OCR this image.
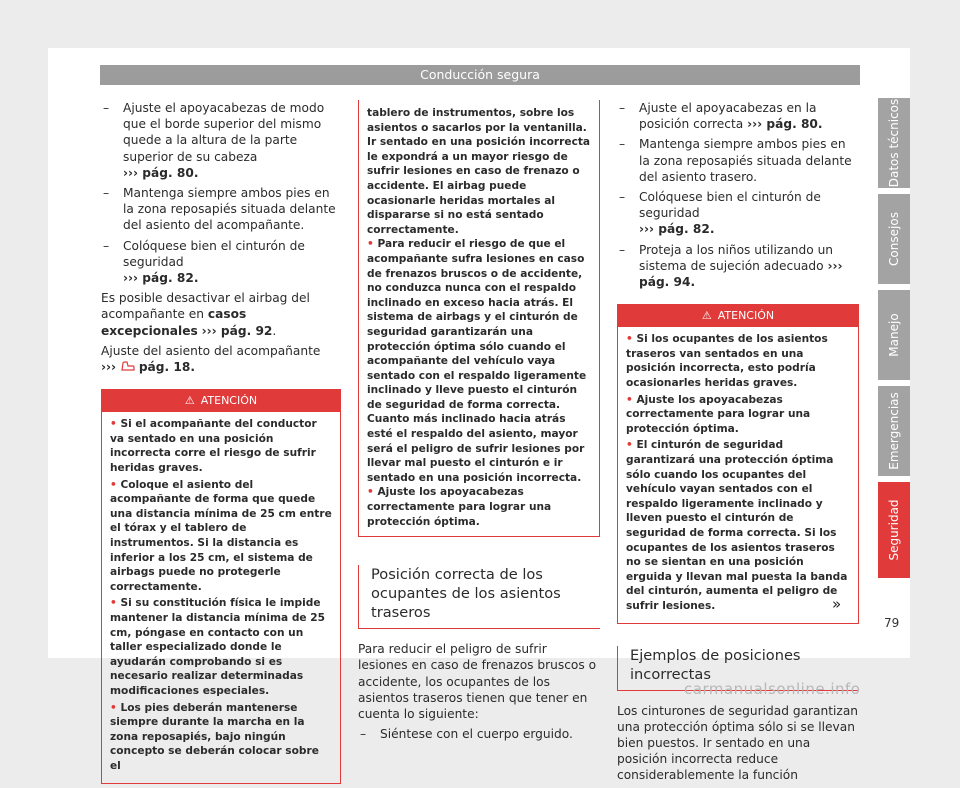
Conducción segura
– Ajuste el apoyacabezas de modo que el borde superior del mismo quede a la altura de la parte superior de su cabeza
››› pág. 80.
– Mantenga siempre ambos pies en la zona reposapiés situada delante del asiento del acompañante.
– Colóquese bien el cinturón de seguridad
››› pág. 82.

Es posible desactivar el airbag del acompañante en casos excepcionales ››› pág. 92.

Ajuste del asiento del acompañante
››› pág. 18.

⚠ ATENCIÓN
• Si el acompañante del conductor va sentado en una posición incorrecta corre el riesgo de sufrir heridas graves.
• Coloque el asiento del acompañante de forma que quede una distancia mínima de 25 cm entre el tórax y el tablero de instrumentos. Si la distancia es inferior a los 25 cm, el sistema de airbags puede no protegerle correctamente.
• Si su constitución física le impide mantener la distancia mínima de 25 cm, póngase en contacto con un taller especializado donde le ayudarán comprobando si es necesario realizar determinadas modificaciones especiales.
• Los pies deberán mantenerse siempre durante la marcha en la zona reposapiés, bajo ningún concepto se deberán colocar sobre el
tablero de instrumentos, sobre los asientos o sacarlos por la ventanilla. Ir sentado en una posición incorrecta le expondrá a un mayor riesgo de sufrir lesiones en caso de frenazo o accidente. El airbag puede ocasionarle heridas mortales al dispararse si no está sentado correctamente.
• Para reducir el riesgo de que el acompañante sufra lesiones en caso de frenazos bruscos o de accidente, no conduzca nunca con el respaldo inclinado en exceso hacia atrás. El sistema de airbags y el cinturón de seguridad garantizarán una protección óptima sólo cuando el acompañante del vehículo vaya sentado con el respaldo ligeramente inclinado y lleve puesto el cinturón de seguridad de forma correcta. Cuanto más inclinado hacia atrás esté el respaldo del asiento, mayor será el peligro de sufrir lesiones por llevar mal puesto el cinturón e ir sentado en una posición incorrecta.
• Ajuste los apoyacabezas correctamente para lograr una protección óptima.
Posición correcta de los ocupantes de los asientos traseros

Para reducir el peligro de sufrir lesiones en caso de frenazos bruscos o accidente, los ocupantes de los asientos traseros tienen que tener en cuenta lo siguiente:

– Siéntese con el cuerpo erguido.
– Ajuste el apoyacabezas en la posición correcta ››› pág. 80.
– Mantenga siempre ambos pies en la zona reposapiés situada delante del asiento trasero.
– Colóquese bien el cinturón de seguridad
››› pág. 82.
– Proteja a los niños utilizando un sistema de sujeción adecuado ››› pág. 94.
⚠ ATENCIÓN
• Si los ocupantes de los asientos traseros van sentados en una posición incorrecta, esto podría ocasionarles heridas graves.
• Ajuste los apoyacabezas correctamente para lograr una protección óptima.
• El cinturón de seguridad garantizará una protección óptima sólo cuando los ocupantes del vehículo vayan sentados con el respaldo ligeramente inclinado y lleven puesto el cinturón de seguridad de forma correcta. Si los ocupantes de los asientos traseros no se sientan en una posición erguida y llevan mal puesta la banda del cinturón, aumenta el peligro de sufrir lesiones.
Ejemplos de posiciones incorrectas

Los cinturones de seguridad garantizan una protección óptima sólo si se llevan bien puestos. Ir sentado en una posición incorrecta reduce considerablemente la función

Datos técnicos
Consejos
Manejo
Emergencias
Seguridad
»
79
carmanualsonline.info
